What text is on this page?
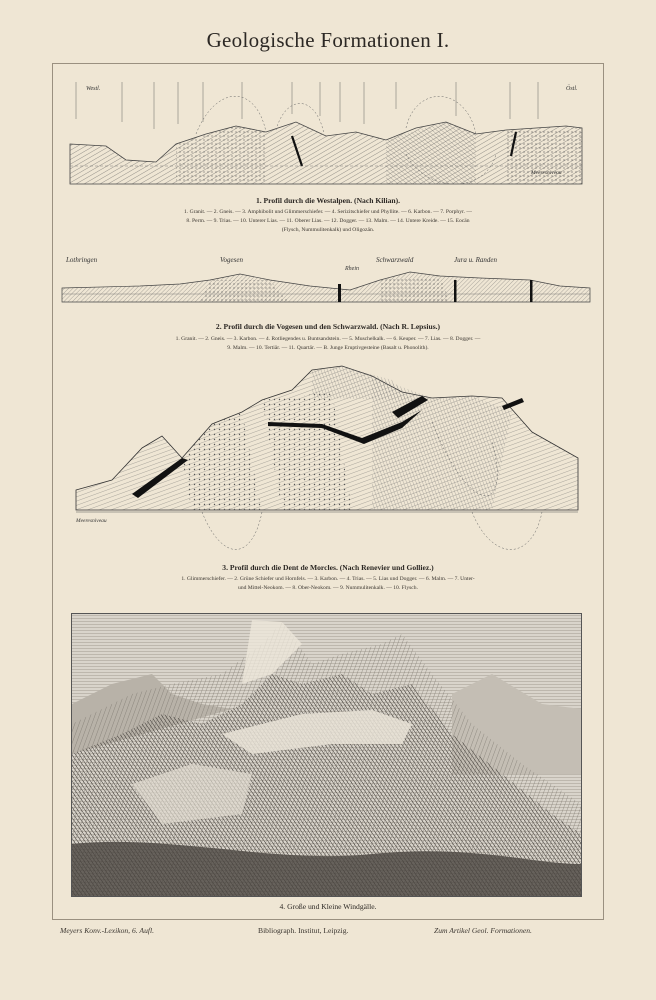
Geologische Formationen I.
Westl.	Östl.
Meeresniveau
1. Profil durch die Westalpen. (Nach Kilian).
1. Granit. — 2. Gneis. — 3. Amphibolit und Glimmerschiefer. — 4. Serizitschiefer und Phyllite. — 6. Karbon. — 7. Porphyr. —
8. Perm. — 9. Trias. — 10. Unterer Lias. — 11. Oberer Lias. — 12. Dogger. — 13. Malm. — 14. Untere Kreide. — 15. Eocän
(Flysch, Nummulitenkalk) und Oligozän.
Lothringen	Vogesen
Rhein
Schwarzwald	Jura u. Randen
2. Profil durch die Vogesen und den Schwarzwald. (Nach R. Lepsius.)
1. Granit. — 2. Gneis. — 3. Karbon. — 4. Rotliegendes u. Buntsandstein. — 5. Muschelkalk. — 6. Keuper. — 7. Lias. — 8. Dogger. —
9. Malm. — 10. Tertiär. — 11. Quartär. — B. Junge Eruptivgesteine (Basalt u. Phonolith).
Meeresniveau
3. Profil durch die Dent de Morcles. (Nach Renevier und Golliez.)
1. Glimmerschiefer. — 2. Grüne Schiefer und Hornfels. — 3. Karbon. — 4. Trias. — 5. Lias und Dogger. — 6. Malm. — 7. Unter-
und Mittel-Neokom. — 8. Ober-Neokom. — 9. Nummulitenkalk. — 10. Flysch.
4. Große und Kleine Windgälle.
Meyers Konv.-Lexikon, 6. Aufl.	Bibliograph. Institut, Leipzig.	Zum Artikel Geol. Formationen.
